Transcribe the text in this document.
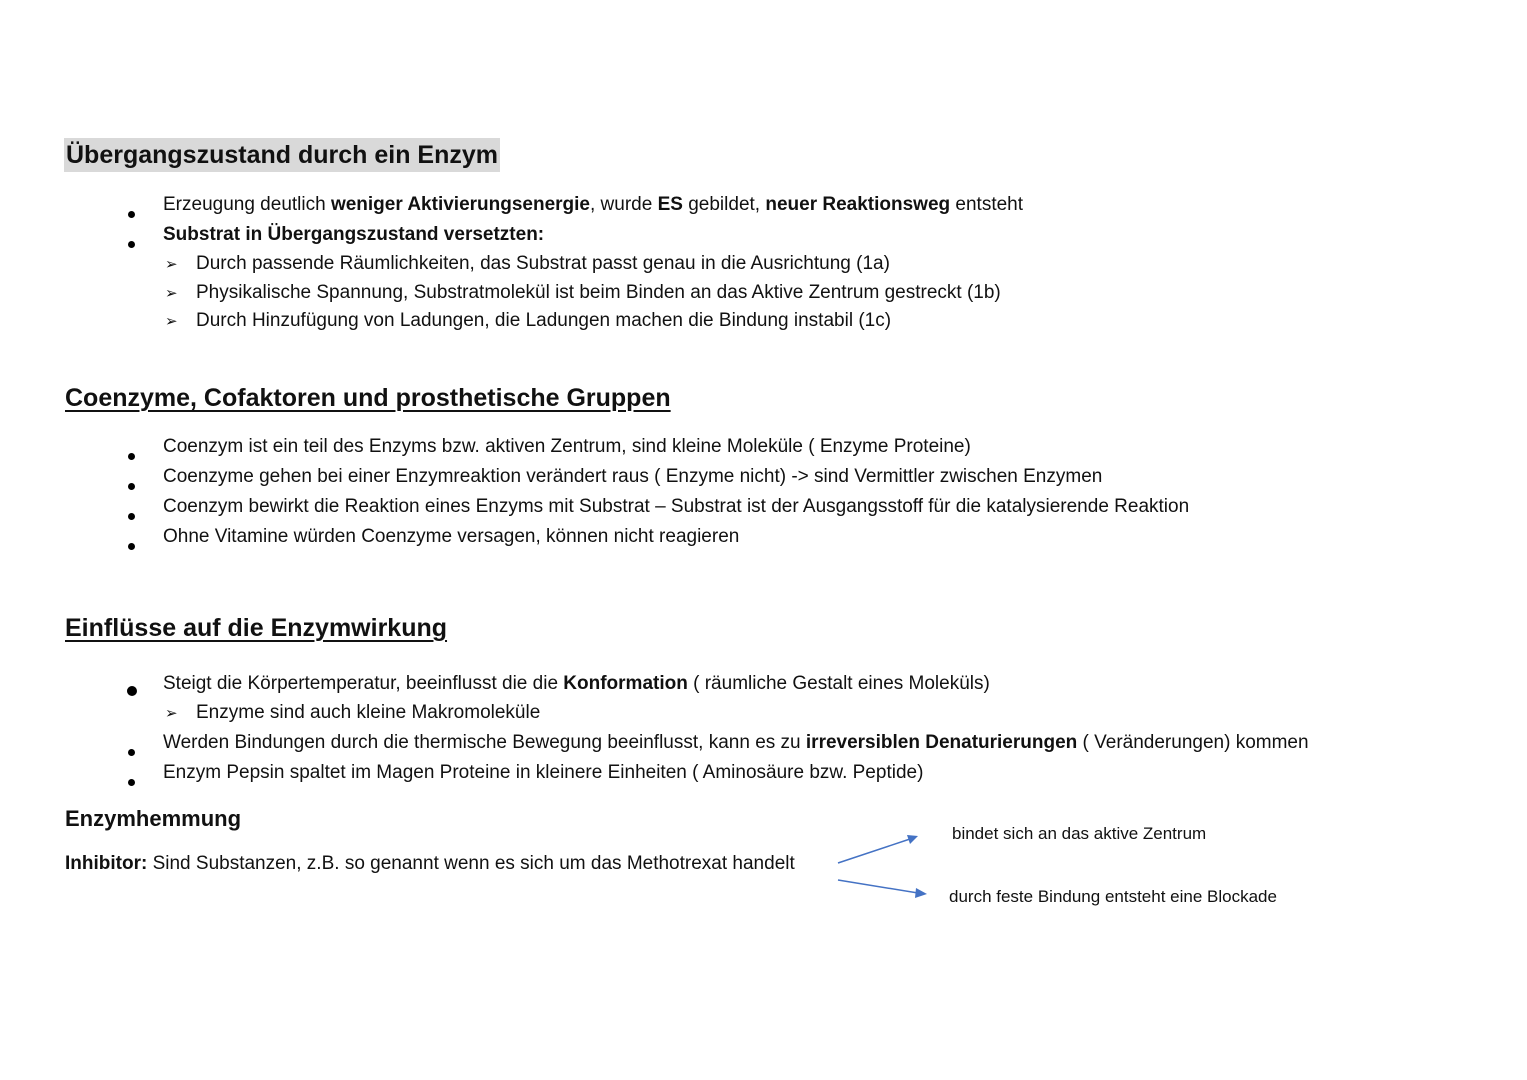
Übergangszustand durch ein Enzym
Erzeugung deutlich weniger Aktivierungsenergie, wurde ES gebildet, neuer Reaktionsweg entsteht
Substrat in Übergangszustand versetzten:
➢ Durch passende Räumlichkeiten, das Substrat passt genau in die Ausrichtung (1a)
➢ Physikalische Spannung, Substratmolekül ist beim Binden an das Aktive Zentrum gestreckt (1b)
➢ Durch Hinzufügung von Ladungen, die Ladungen machen die Bindung instabil (1c)
Coenzyme, Cofaktoren und prosthetische Gruppen
Coenzym ist ein teil des Enzyms bzw. aktiven Zentrum, sind kleine Moleküle ( Enzyme Proteine)
Coenzyme gehen bei einer Enzymreaktion verändert raus ( Enzyme nicht) -> sind Vermittler zwischen Enzymen
Coenzym bewirkt die Reaktion eines Enzyms mit Substrat – Substrat ist der Ausgangsstoff für die katalysierende Reaktion
Ohne Vitamine würden Coenzyme versagen, können nicht reagieren
Einflüsse auf die Enzymwirkung
Steigt die Körpertemperatur, beeinflusst die die Konformation ( räumliche Gestalt eines Moleküls)
➢ Enzyme sind auch kleine Makromoleküle
Werden Bindungen durch die thermische Bewegung beeinflusst, kann es zu irreversiblen Denaturierungen ( Veränderungen) kommen
Enzym Pepsin spaltet im Magen Proteine in kleinere Einheiten ( Aminosäure bzw. Peptide)
Enzymhemmung
Inhibitor: Sind Substanzen, z.B. so genannt wenn es sich um das Methotrexat handelt
bindet sich an das aktive Zentrum
durch feste Bindung entsteht eine Blockade
